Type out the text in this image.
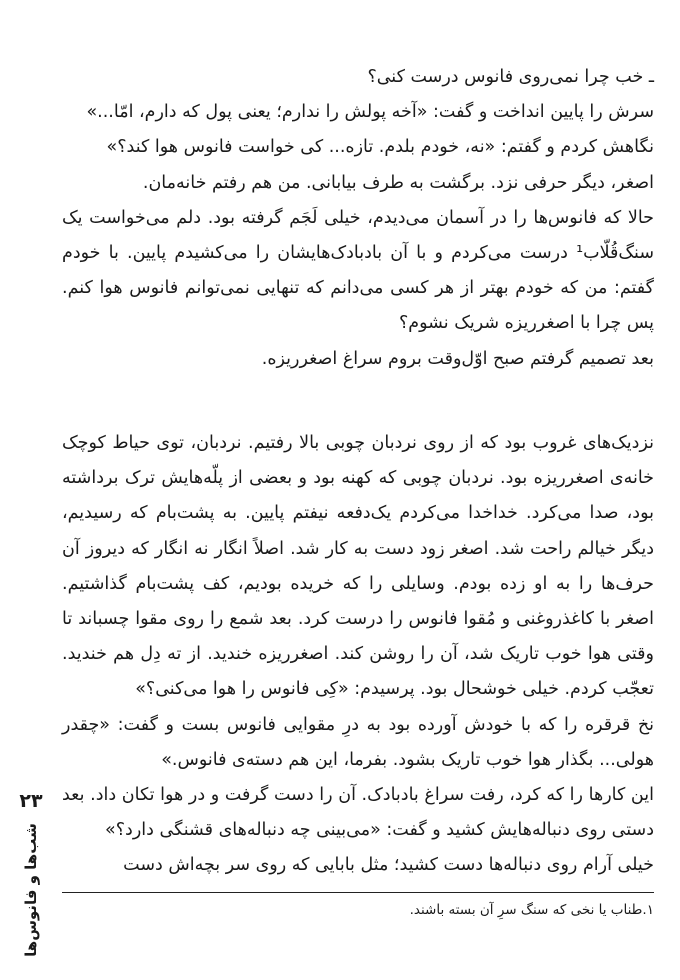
ـ خب چرا نمی‌روی فانوس درست کنی؟

سرش را پایین انداخت و گفت: «آخه پولش را ندارم؛ یعنی پول که دارم، امّا...»

نگاهش کردم و گفتم: «نه، خودم بلدم. تازه... کی خواست فانوس هوا کند؟»

اصغر، دیگر حرفی نزد. برگشت به طرف بیابانی. من هم رفتم خانه‌مان.

حالا که فانوس‌ها را در آسمان می‌دیدم، خیلی لَجَم گرفته بود. دلم می‌خواست یک سنگ‌قُلّاب¹ درست می‌کردم و با آن بادبادک‌هایشان را می‌کشیدم پایین. با خودم گفتم: من که خودم بهتر از هر کسی می‌دانم که تنهایی نمی‌توانم فانوس هوا کنم. پس چرا با اصغرریزه شریک نشوم؟

بعد تصمیم گرفتم صبح اوّل‌وقت بروم سراغ اصغرریزه.

نزدیک‌های غروب بود که از روی نردبان چوبی بالا رفتیم. نردبان، توی حیاط کوچک خانه‌ی اصغرریزه بود. نردبان چوبی که کهنه بود و بعضی از پلّه‌هایش ترک برداشته بود، صدا می‌کرد. خداخدا می‌کردم یک‌دفعه نیفتم پایین. به پشت‌بام که رسیدیم، دیگر خیالم راحت شد. اصغر زود دست به کار شد. اصلاً انگار نه انگار که دیروز آن حرف‌ها را به او زده بودم. وسایلی را که خریده بودیم، کف پشت‌بام گذاشتیم. اصغر با کاغذروغنی و مُقوا فانوس را درست کرد. بعد شمع را روی مقوا چسباند تا وقتی هوا خوب تاریک شد، آن را روشن کند. اصغرریزه خندید. از ته دِل هم خندید. تعجّب کردم. خیلی خوشحال بود. پرسیدم: «کِی فانوس را هوا می‌کنی؟»

نخ قرقره را که با خودش آورده بود به درِ مقوایی فانوس بست و گفت: «چقدر هولی... بگذار هوا خوب تاریک بشود. بفرما، این هم دسته‌ی فانوس.»

این کارها را که کرد، رفت سراغ بادبادک. آن را دست گرفت و در هوا تکان داد. بعد دستی روی دنباله‌هایش کشید و گفت: «می‌بینی چه دنباله‌های قشنگی دارد؟»

خیلی آرام روی دنباله‌ها دست کشید؛ مثل بابایی که روی سر بچه‌اش دست

۱.طناب یا نخی که سنگ سرِ آن بسته باشند.
۲۳
شب‌ها و فانوس‌ها
